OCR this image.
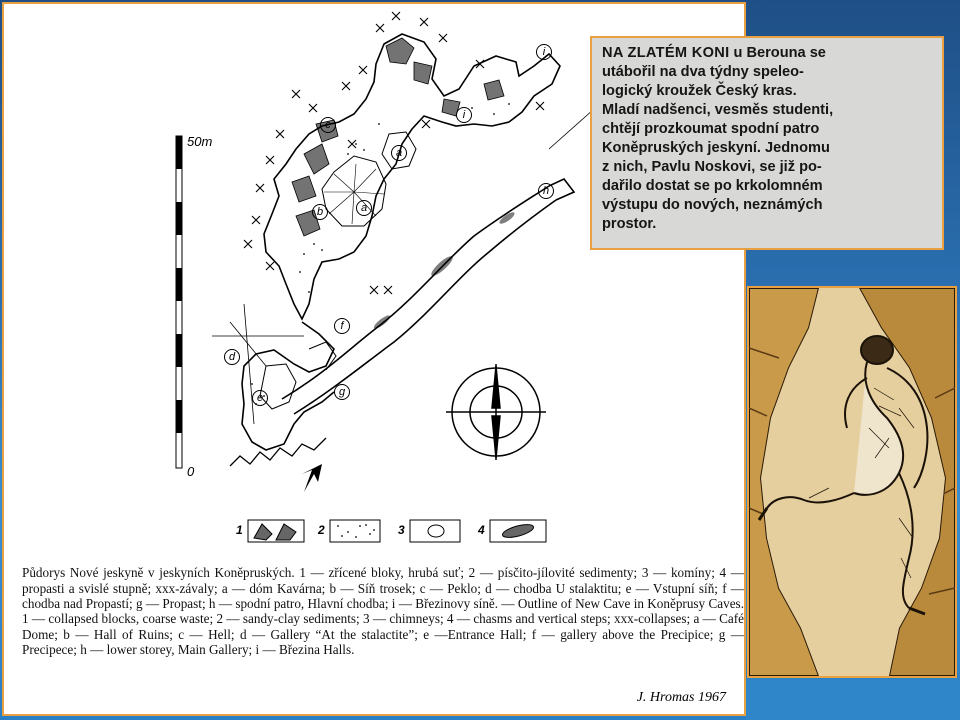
a
a
b
c
d
e
f
g
h
i
i
50m
0
1	2	3	4

Půdorys Nové jeskyně v jeskyních Koněpruských. 1 — zřícené bloky, hrubá suť; 2 — písčito-jílovité sedimenty; 3 — komíny; 4 — propasti a svislé stupně; xxx-závaly; a — dóm Kavárna; b — Síň trosek; c — Peklo; d — chodba U stalaktitu; e — Vstupní síň; f — chodba nad Propastí; g — Propast; h — spodní patro, Hlavní chodba; i — Březinovy síně. — Outline of New Cave in Koněprusy Caves. 1 — collapsed blocks, coarse waste; 2 — sandy-clay sediments; 3 — chimneys; 4 — chasms and vertical steps; xxx-collapses; a — Café Dome; b — Hall of Ruins; c — Hell; d — Gallery “At the stalactite”; e —Entrance Hall; f — gallery above the Precipice; g — Precipece; h — lower storey, Main Gallery; i — Březina Halls.

J. Hromas 1967
NA ZLATÉM KONI u Berouna se
utábořil na dva týdny speleo-
logický kroužek Český kras.
Mladí nadšenci, vesměs studenti,
chtějí prozkoumat spodní patro
Koněpruských jeskyní. Jednomu
z nich, Pavlu Noskovi, se již po-
dařilo dostat se po krkolomném
výstupu do nových, neznámých
prostor.
